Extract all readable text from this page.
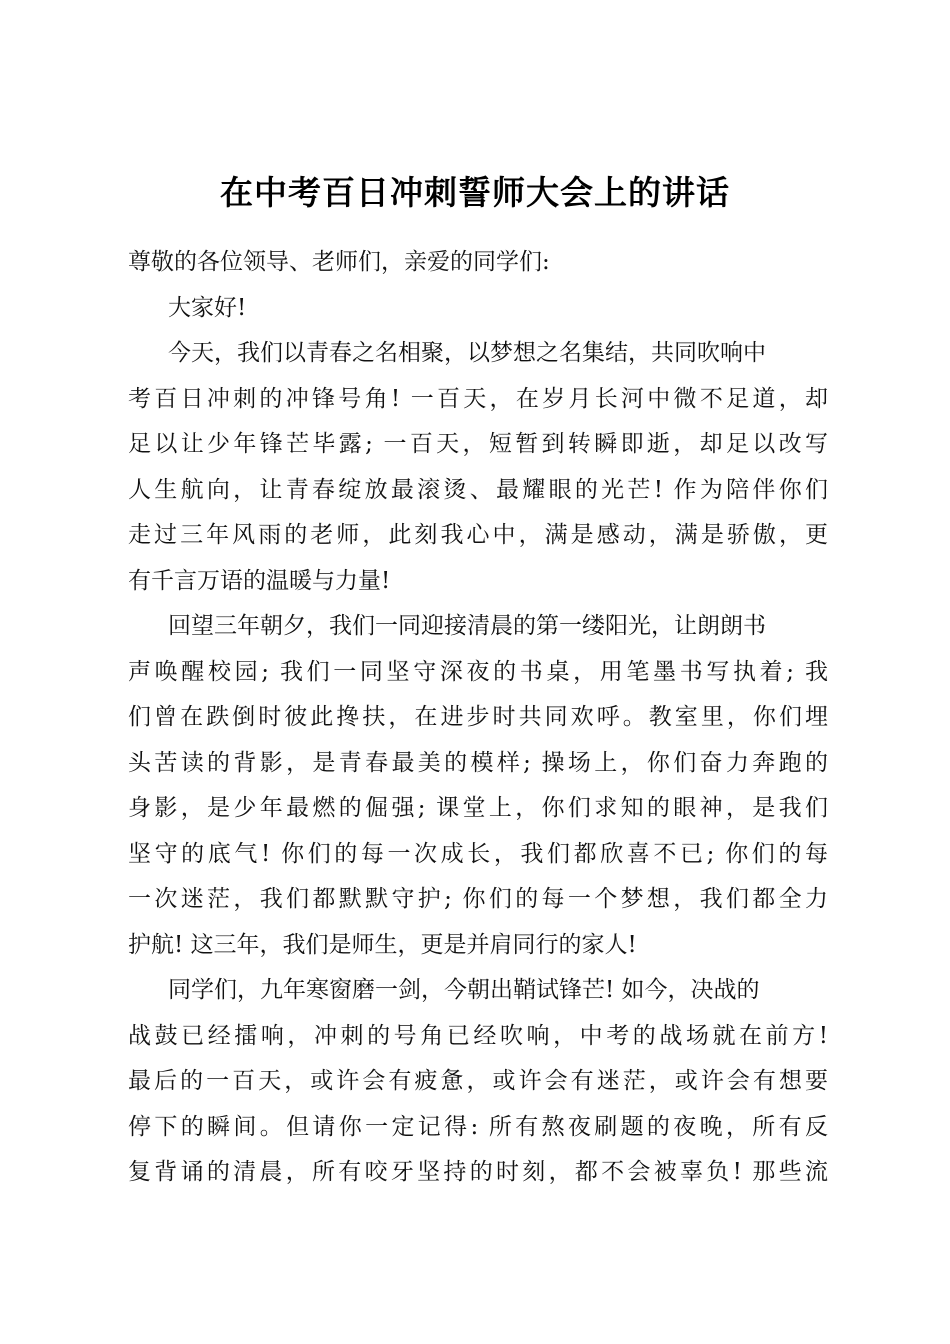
在中考百日冲刺誓师大会上的讲话
尊敬的各位领导、老师们，亲爱的同学们:
大家好!
今天，我们以青春之名相聚，以梦想之名集结，共同吹响中
考百日冲刺的冲锋号角! 一百天，在岁月长河中微不足道，却
足以让少年锋芒毕露; 一百天，短暂到转瞬即逝，却足以改写
人生航向，让青春绽放最滚烫、最耀眼的光芒! 作为陪伴你们
走过三年风雨的老师，此刻我心中，满是感动，满是骄傲，更
有千言万语的温暖与力量!
回望三年朝夕，我们一同迎接清晨的第一缕阳光，让朗朗书
声唤醒校园; 我们一同坚守深夜的书桌，用笔墨书写执着; 我
们曾在跌倒时彼此搀扶，在进步时共同欢呼。教室里，你们埋
头苦读的背影，是青春最美的模样; 操场上，你们奋力奔跑的
身影，是少年最燃的倔强; 课堂上，你们求知的眼神，是我们
坚守的底气! 你们的每一次成长，我们都欣喜不已; 你们的每
一次迷茫，我们都默默守护; 你们的每一个梦想，我们都全力
护航! 这三年，我们是师生，更是并肩同行的家人!
同学们，九年寒窗磨一剑，今朝出鞘试锋芒! 如今，决战的
战鼓已经擂响，冲刺的号角已经吹响，中考的战场就在前方!
最后的一百天，或许会有疲惫，或许会有迷茫，或许会有想要
停下的瞬间。但请你一定记得: 所有熬夜刷题的夜晚，所有反
复背诵的清晨，所有咬牙坚持的时刻，都不会被辜负! 那些流
